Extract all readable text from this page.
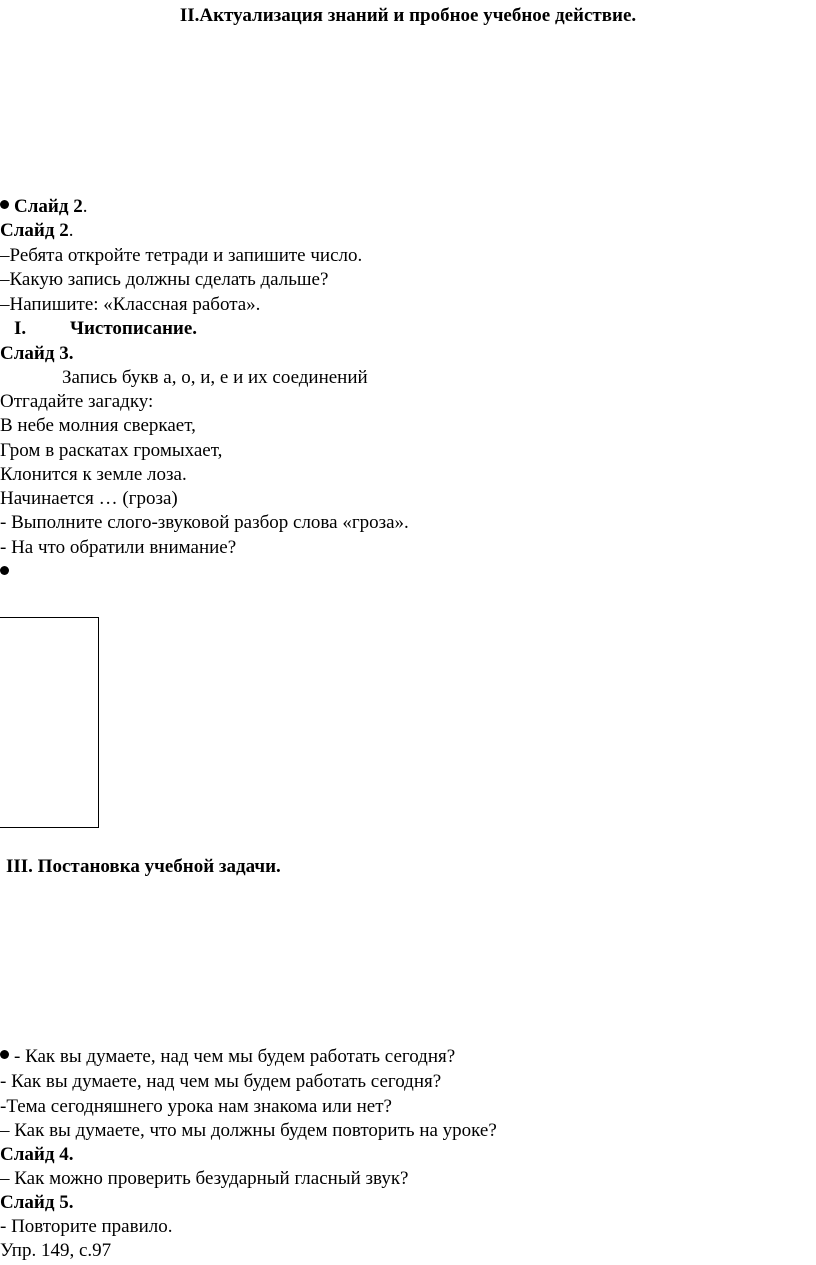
II.Актуализация знаний и пробное учебное действие.
Слайд 2.
Слайд 2.
–Ребята откройте тетради и запишите число.
–Какую запись должны сделать дальше?
–Напишите: «Классная работа».
I. Чистописание.
Слайд 3.
Запись букв а, о, и, е и их соединений
Отгадайте загадку:
В небе молния сверкает,
Гром в раскатах громыхает,
Клонится к земле лоза.
Начинается … (гроза)
- Выполните слого-звуковой разбор слова «гроза».
- На что обратили внимание?
III. Постановка учебной задачи.
- Как вы думаете, над чем мы будем работать сегодня?
- Как вы думаете, над чем мы будем работать сегодня?
-Тема сегодняшнего урока нам знакома или нет?
– Как вы думаете, что мы должны будем повторить на уроке?
Слайд 4.
– Как можно проверить безударный гласный звук?
Слайд 5.
- Повторите правило.
Упр. 149, с.97
